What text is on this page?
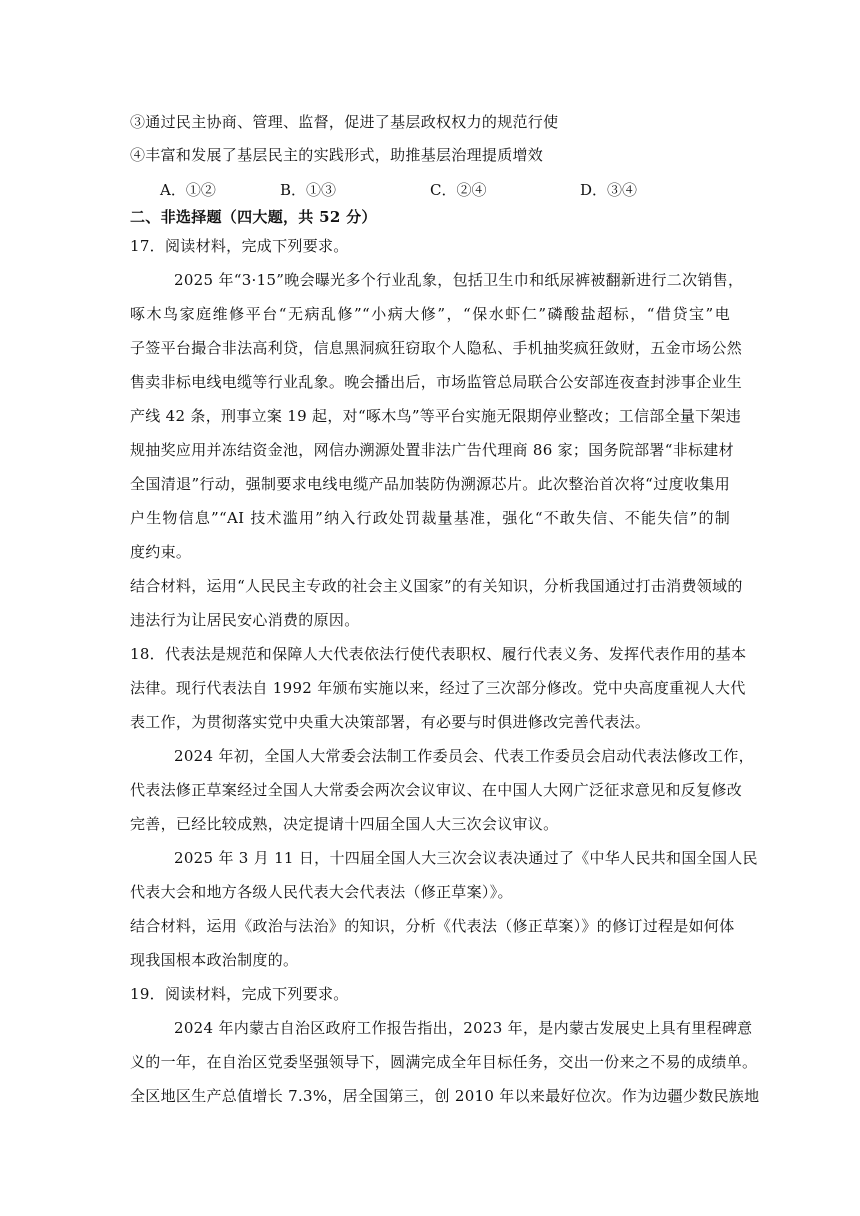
③通过民主协商、管理、监督，促进了基层政权权力的规范行使
④丰富和发展了基层民主的实践形式，助推基层治理提质增效
A．①②	B．①③	C．②④	D．③④
二、非选择题（四大题，共 52 分）
17．阅读材料，完成下列要求。
2025 年“3·15”晚会曝光多个行业乱象，包括卫生巾和纸尿裤被翻新进行二次销售，
啄木鸟家庭维修平台“无病乱修”“小病大修”，“保水虾仁”磷酸盐超标，“借贷宝”电
子签平台撮合非法高利贷，信息黑洞疯狂窃取个人隐私、手机抽奖疯狂敛财，五金市场公然
售卖非标电线电缆等行业乱象。晚会播出后，市场监管总局联合公安部连夜查封涉事企业生
产线 42 条，刑事立案 19 起，对“啄木鸟”等平台实施无限期停业整改；工信部全量下架违
规抽奖应用并冻结资金池，网信办溯源处置非法广告代理商 86 家；国务院部署“非标建材
全国清退”行动，强制要求电线电缆产品加装防伪溯源芯片。此次整治首次将“过度收集用
户生物信息”“AI 技术滥用”纳入行政处罚裁量基准，强化“不敢失信、不能失信”的制
度约束。
结合材料，运用“人民民主专政的社会主义国家”的有关知识，分析我国通过打击消费领域的
违法行为让居民安心消费的原因。
18．代表法是规范和保障人大代表依法行使代表职权、履行代表义务、发挥代表作用的基本
法律。现行代表法自 1992 年颁布实施以来，经过了三次部分修改。党中央高度重视人大代
表工作，为贯彻落实党中央重大决策部署，有必要与时俱进修改完善代表法。
2024 年初，全国人大常委会法制工作委员会、代表工作委员会启动代表法修改工作，
代表法修正草案经过全国人大常委会两次会议审议、在中国人大网广泛征求意见和反复修改
完善，已经比较成熟，决定提请十四届全国人大三次会议审议。
2025 年 3 月 11 日，十四届全国人大三次会议表决通过了《中华人民共和国全国人民
代表大会和地方各级人民代表大会代表法（修正草案）》。
结合材料，运用《政治与法治》的知识，分析《代表法（修正草案）》的修订过程是如何体
现我国根本政治制度的。
19．阅读材料，完成下列要求。
2024 年内蒙古自治区政府工作报告指出，2023 年，是内蒙古发展史上具有里程碑意
义的一年，在自治区党委坚强领导下，圆满完成全年目标任务，交出一份来之不易的成绩单。
全区地区生产总值增长 7.3%，居全国第三，创 2010 年以来最好位次。作为边疆少数民族地
